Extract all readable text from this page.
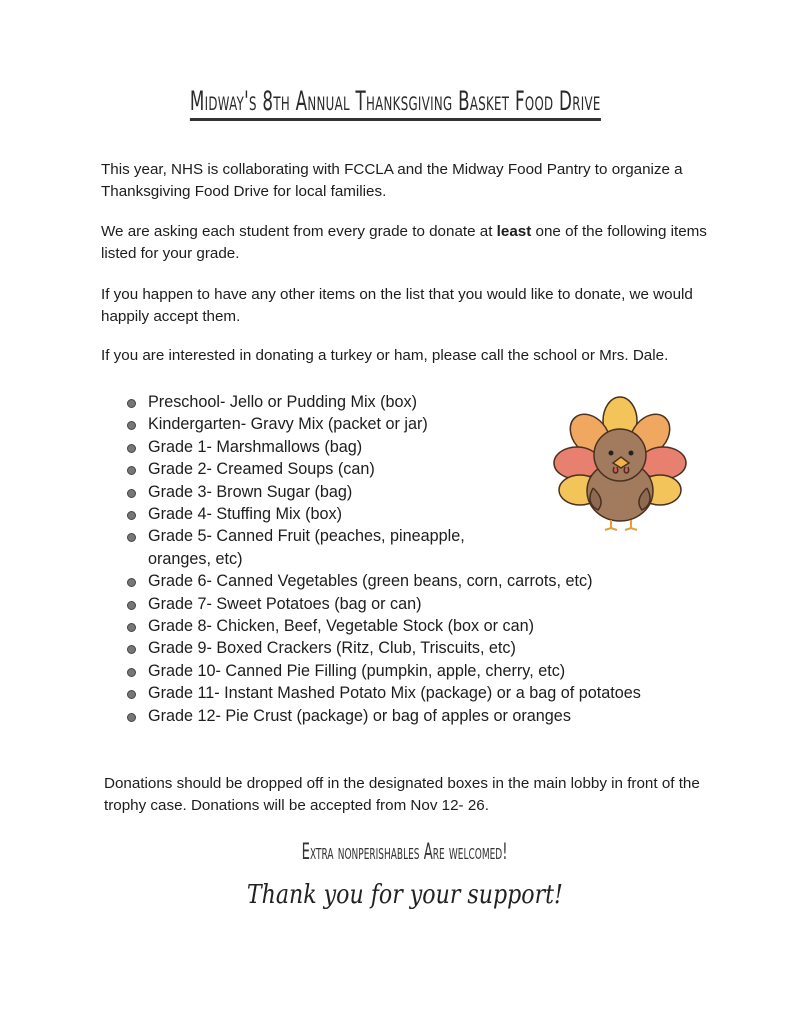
Midway's 8th Annual Thanksgiving Basket Food Drive
This year, NHS is collaborating with FCCLA and the Midway Food Pantry to organize a Thanksgiving Food Drive for local families.
We are asking each student from every grade to donate at least one of the following items listed for your grade.
If you happen to have any other items on the list that you would like to donate, we would happily accept them.
If you are interested in donating a turkey or ham, please call the school or Mrs. Dale.
Preschool- Jello or Pudding Mix (box)
Kindergarten- Gravy Mix (packet or jar)
Grade 1- Marshmallows (bag)
Grade 2- Creamed Soups (can)
Grade 3- Brown Sugar (bag)
Grade 4- Stuffing Mix (box)
Grade 5- Canned Fruit (peaches, pineapple, oranges, etc)
Grade 6- Canned Vegetables (green beans, corn, carrots, etc)
Grade 7- Sweet Potatoes (bag or can)
Grade 8- Chicken, Beef, Vegetable Stock (box or can)
Grade 9- Boxed Crackers (Ritz, Club, Triscuits, etc)
Grade 10- Canned Pie Filling (pumpkin, apple, cherry, etc)
Grade 11- Instant Mashed Potato Mix (package) or a bag of potatoes
Grade 12- Pie Crust (package) or bag of apples or oranges
Donations should be dropped off in the designated boxes in the main lobby in front of the trophy case. Donations will be accepted from Nov 12- 26.
Extra nonperishables Are welcomed!
Thank you for your support!
